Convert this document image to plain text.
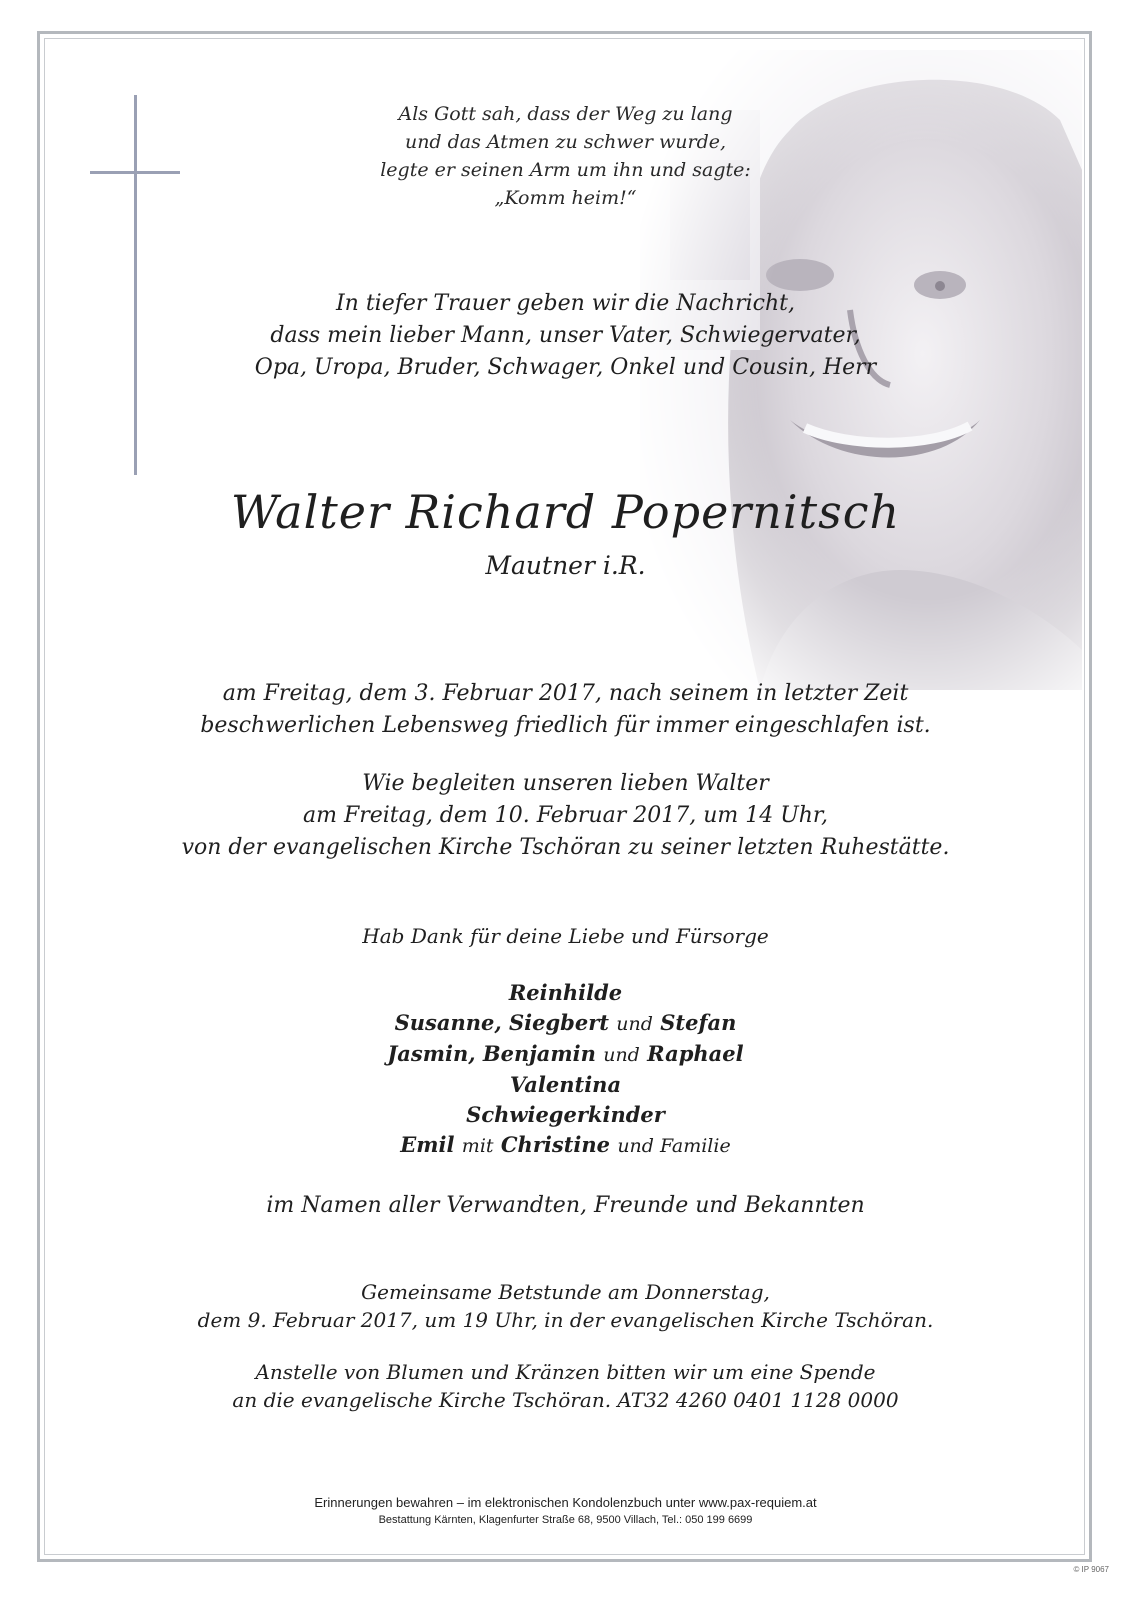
Als Gott sah, dass der Weg zu lang
und das Atmen zu schwer wurde,
legte er seinen Arm um ihn und sagte:
„Komm heim!“
In tiefer Trauer geben wir die Nachricht,
dass mein lieber Mann, unser Vater, Schwiegervater,
Opa, Uropa, Bruder, Schwager, Onkel und Cousin, Herr
Walter Richard Popernitsch
Mautner i.R.
am Freitag, dem 3. Februar 2017, nach seinem in letzter Zeit
beschwerlichen Lebensweg friedlich für immer eingeschlafen ist.
Wie begleiten unseren lieben Walter
am Freitag, dem 10. Februar 2017, um 14 Uhr,
von der evangelischen Kirche Tschöran zu seiner letzten Ruhestätte.
Hab Dank für deine Liebe und Fürsorge
Reinhilde
Susanne, Siegbert und Stefan
Jasmin, Benjamin und Raphael
Valentina
Schwiegerkinder
Emil mit Christine und Familie
im Namen aller Verwandten, Freunde und Bekannten
Gemeinsame Betstunde am Donnerstag,
dem 9. Februar 2017, um 19 Uhr, in der evangelischen Kirche Tschöran.
Anstelle von Blumen und Kränzen bitten wir um eine Spende
an die evangelische Kirche Tschöran. AT32 4260 0401 1128 0000
Erinnerungen bewahren – im elektronischen Kondolenzbuch unter www.pax-requiem.at
Bestattung Kärnten, Klagenfurter Straße 68, 9500 Villach, Tel.: 050 199 6699
© IP 9067
